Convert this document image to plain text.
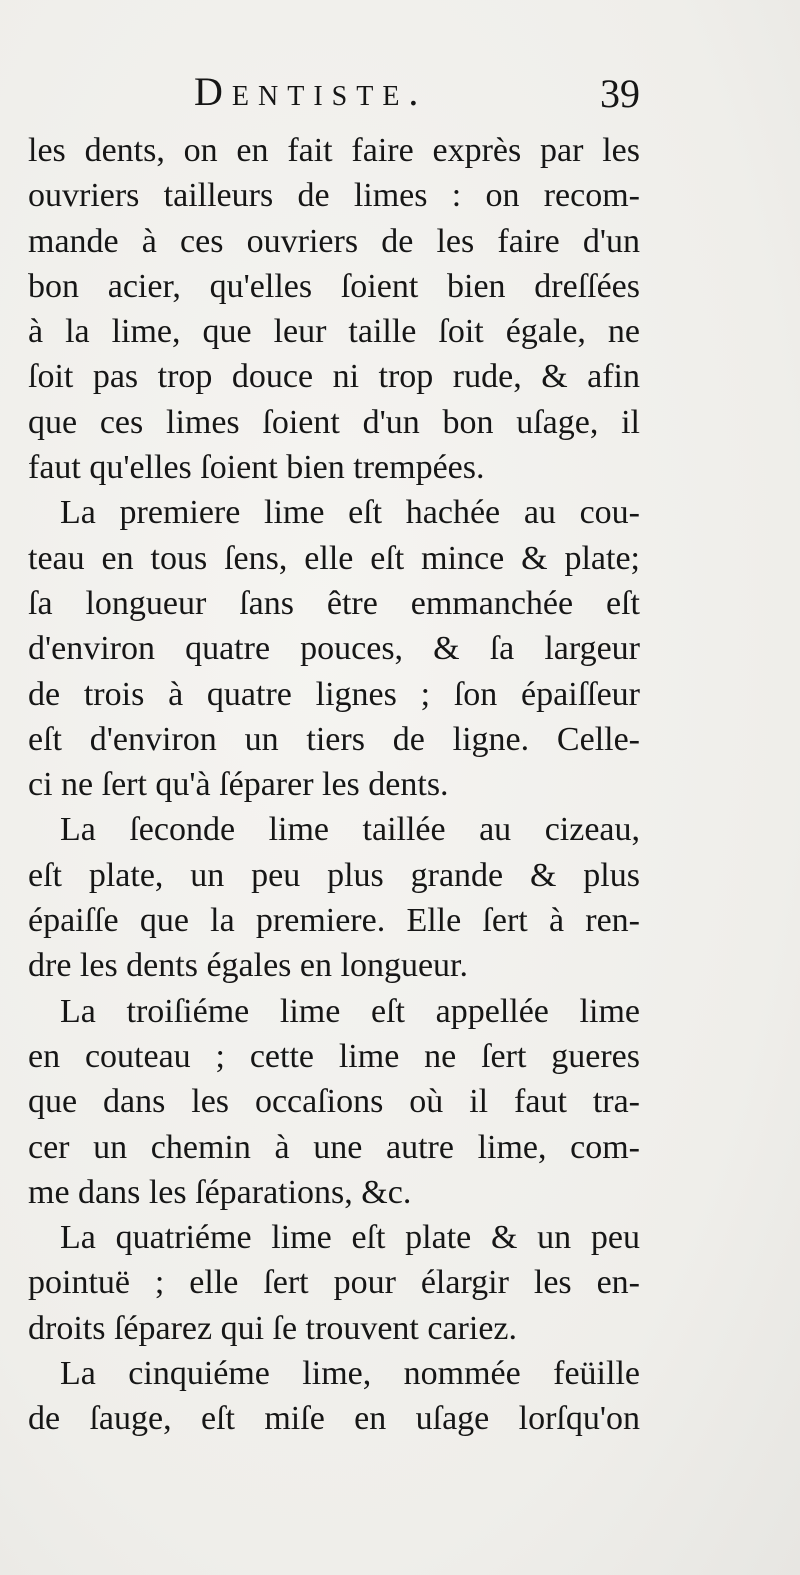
Dentiste.	39
les dents, on en fait faire exprès par les
ouvriers tailleurs de limes : on recom-
mande à ces ouvriers de les faire d'un
bon acier, qu'elles ſoient bien dreſſées
à la lime, que leur taille ſoit égale, ne
ſoit pas trop douce ni trop rude, & afin
que ces limes ſoient d'un bon uſage, il
faut qu'elles ſoient bien trempées.
La premiere lime eſt hachée au cou-
teau en tous ſens, elle eſt mince & plate;
ſa longueur ſans être emmanchée eſt
d'environ quatre pouces, & ſa largeur
de trois à quatre lignes ; ſon épaiſſeur
eſt d'environ un tiers de ligne. Celle-
ci ne ſert qu'à ſéparer les dents.
La ſeconde lime taillée au cizeau,
eſt plate, un peu plus grande & plus
épaiſſe que la premiere. Elle ſert à ren-
dre les dents égales en longueur.
La troiſiéme lime eſt appellée lime
en couteau ; cette lime ne ſert gueres
que dans les occaſions où il faut tra-
cer un chemin à une autre lime, com-
me dans les ſéparations, &c.
La quatriéme lime eſt plate & un peu
pointuë ; elle ſert pour élargir les en-
droits ſéparez qui ſe trouvent cariez.
La cinquiéme lime, nommée feüille
de ſauge, eſt miſe en uſage lorſqu'on
